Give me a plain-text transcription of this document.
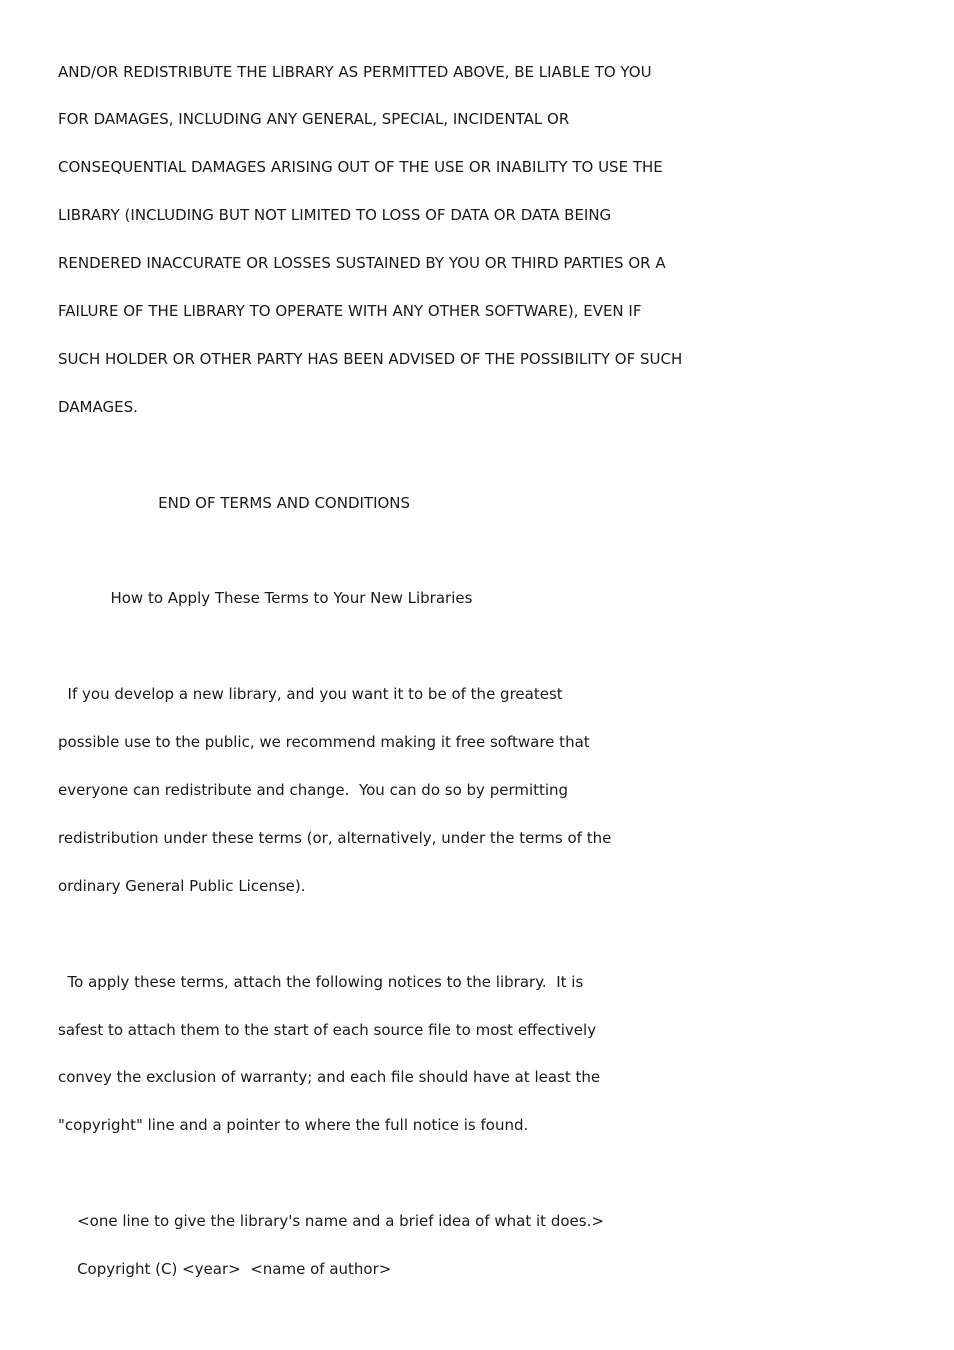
AND/OR REDISTRIBUTE THE LIBRARY AS PERMITTED ABOVE, BE LIABLE TO YOU

FOR DAMAGES, INCLUDING ANY GENERAL, SPECIAL, INCIDENTAL OR

CONSEQUENTIAL DAMAGES ARISING OUT OF THE USE OR INABILITY TO USE THE

LIBRARY (INCLUDING BUT NOT LIMITED TO LOSS OF DATA OR DATA BEING

RENDERED INACCURATE OR LOSSES SUSTAINED BY YOU OR THIRD PARTIES OR A

FAILURE OF THE LIBRARY TO OPERATE WITH ANY OTHER SOFTWARE), EVEN IF

SUCH HOLDER OR OTHER PARTY HAS BEEN ADVISED OF THE POSSIBILITY OF SUCH

DAMAGES.

END OF TERMS AND CONDITIONS

How to Apply These Terms to Your New Libraries

If you develop a new library, and you want it to be of the greatest

possible use to the public, we recommend making it free software that

everyone can redistribute and change.  You can do so by permitting

redistribution under these terms (or, alternatively, under the terms of the

ordinary General Public License).

To apply these terms, attach the following notices to the library.  It is

safest to attach them to the start of each source file to most effectively

convey the exclusion of warranty; and each file should have at least the

"copyright" line and a pointer to where the full notice is found.

<one line to give the library's name and a brief idea of what it does.>

Copyright (C) <year>  <name of author>
